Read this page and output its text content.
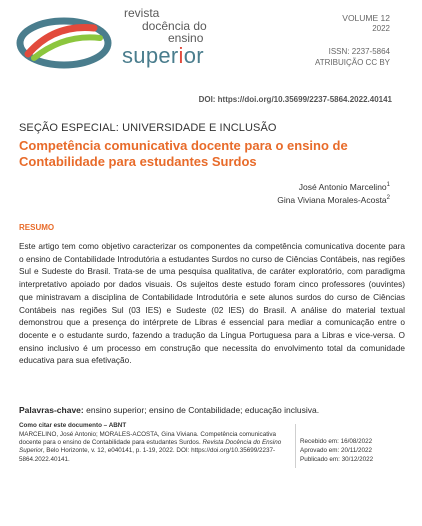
revista
docência do
ensino
superior
VOLUME 12
2022
ISSN: 2237-5864
ATRIBUIÇÃO CC BY
DOI: https://doi.org/10.35699/2237-5864.2022.40141
SEÇÃO ESPECIAL: UNIVERSIDADE E INCLUSÃO
Competência comunicativa docente para o ensino de Contabilidade para estudantes Surdos
José Antonio Marcelino$^1$
Gina Viviana Morales-Acosta$^2$
RESUMO
Este artigo tem como objetivo caracterizar os componentes da competência comunicativa docente para o ensino de Contabilidade Introdutória a estudantes Surdos no curso de Ciências Contábeis, nas regiões Sul e Sudeste do Brasil. Trata-se de uma pesquisa qualitativa, de caráter exploratório, com paradigma interpretativo apoiado por dados visuais. Os sujeitos deste estudo foram cinco professores (ouvintes) que ministravam a disciplina de Contabilidade Introdutória e sete alunos surdos do curso de Ciências Contábeis nas regiões Sul (03 IES) e Sudeste (02 IES) do Brasil. A análise do material textual demonstrou que a presença do intérprete de Libras é essencial para mediar a comunicação entre o docente e o estudante surdo, fazendo a tradução da Língua Portuguesa para a Libras e vice-versa. O ensino inclusivo é um processo em construção que necessita do envolvimento total da comunidade educativa para sua efetivação.
Palavras-chave: ensino superior; ensino de Contabilidade; educação inclusiva.
Como citar este documento – ABNT
MARCELINO, José Antonio; MORALES-ACOSTA, Gina Viviana. Competência comunicativa docente para o ensino de Contabilidade para estudantes Surdos. Revista Docência do Ensino Superior, Belo Horizonte, v. 12, e040141, p. 1-19, 2022. DOI: https://doi.org/10.35699/2237-5864.2022.40141.
Recebido em: 16/08/2022
Aprovado em: 20/11/2022
Publicado em: 30/12/2022
